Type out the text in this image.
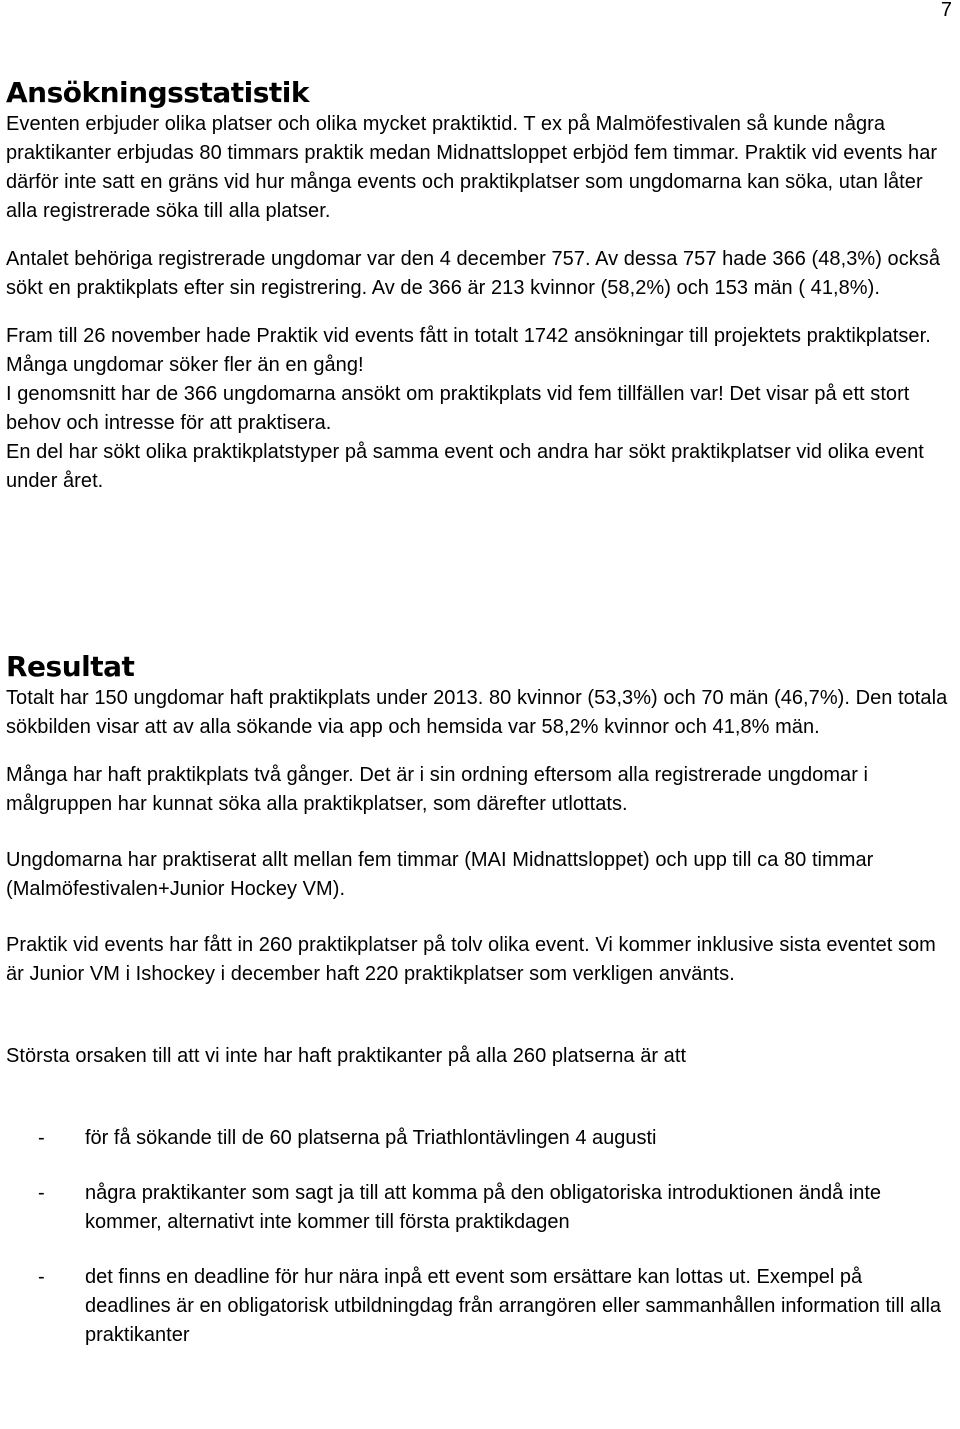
7
Ansökningsstatistik

Eventen erbjuder olika platser och olika mycket praktiktid. T ex på Malmöfestivalen så kunde några praktikanter erbjudas 80 timmars praktik medan Midnattsloppet erbjöd fem timmar. Praktik vid events har därför inte satt en gräns vid hur många events och praktikplatser som ungdomarna kan söka, utan låter alla registrerade söka till alla platser.

Antalet behöriga registrerade ungdomar var den 4 december 757. Av dessa 757 hade 366 (48,3%) också sökt en praktikplats efter sin registrering. Av de 366 är 213 kvinnor (58,2%) och 153 män ( 41,8%).

Fram till 26 november hade Praktik vid events fått in totalt 1742 ansökningar till projektets praktikplatser. Många ungdomar söker fler än en gång!

I genomsnitt har de 366 ungdomarna ansökt om praktikplats vid fem tillfällen var! Det visar på ett stort behov och intresse för att praktisera.

En del har sökt olika praktikplatstyper på samma event och andra har sökt praktikplatser vid olika event under året.

Resultat

Totalt har 150 ungdomar haft praktikplats under 2013. 80 kvinnor (53,3%) och 70 män (46,7%). Den totala sökbilden visar att av alla sökande via app och hemsida var 58,2% kvinnor och 41,8% män.

Många har haft praktikplats två gånger. Det är i sin ordning eftersom alla registrerade ungdomar i målgruppen har kunnat söka alla praktikplatser, som därefter utlottats.

Ungdomarna har praktiserat allt mellan fem timmar (MAI Midnattsloppet) och upp till ca 80 timmar (Malmöfestivalen+Junior Hockey VM).

Praktik vid events har fått in 260 praktikplatser på tolv olika event. Vi kommer inklusive sista eventet som är Junior VM i Ishockey i december haft 220 praktikplatser som verkligen använts.

Största orsaken till att vi inte har haft praktikanter på alla 260 platserna är att

-	för få sökande till de 60 platserna på Triathlontävlingen 4 augusti
-	några praktikanter som sagt ja till att komma på den obligatoriska introduktionen ändå inte kommer, alternativt inte kommer till första praktikdagen
-	det finns en deadline för hur nära inpå ett event som ersättare kan lottas ut. Exempel på deadlines är en obligatorisk utbildningdag från arrangören eller sammanhållen information till alla praktikanter
